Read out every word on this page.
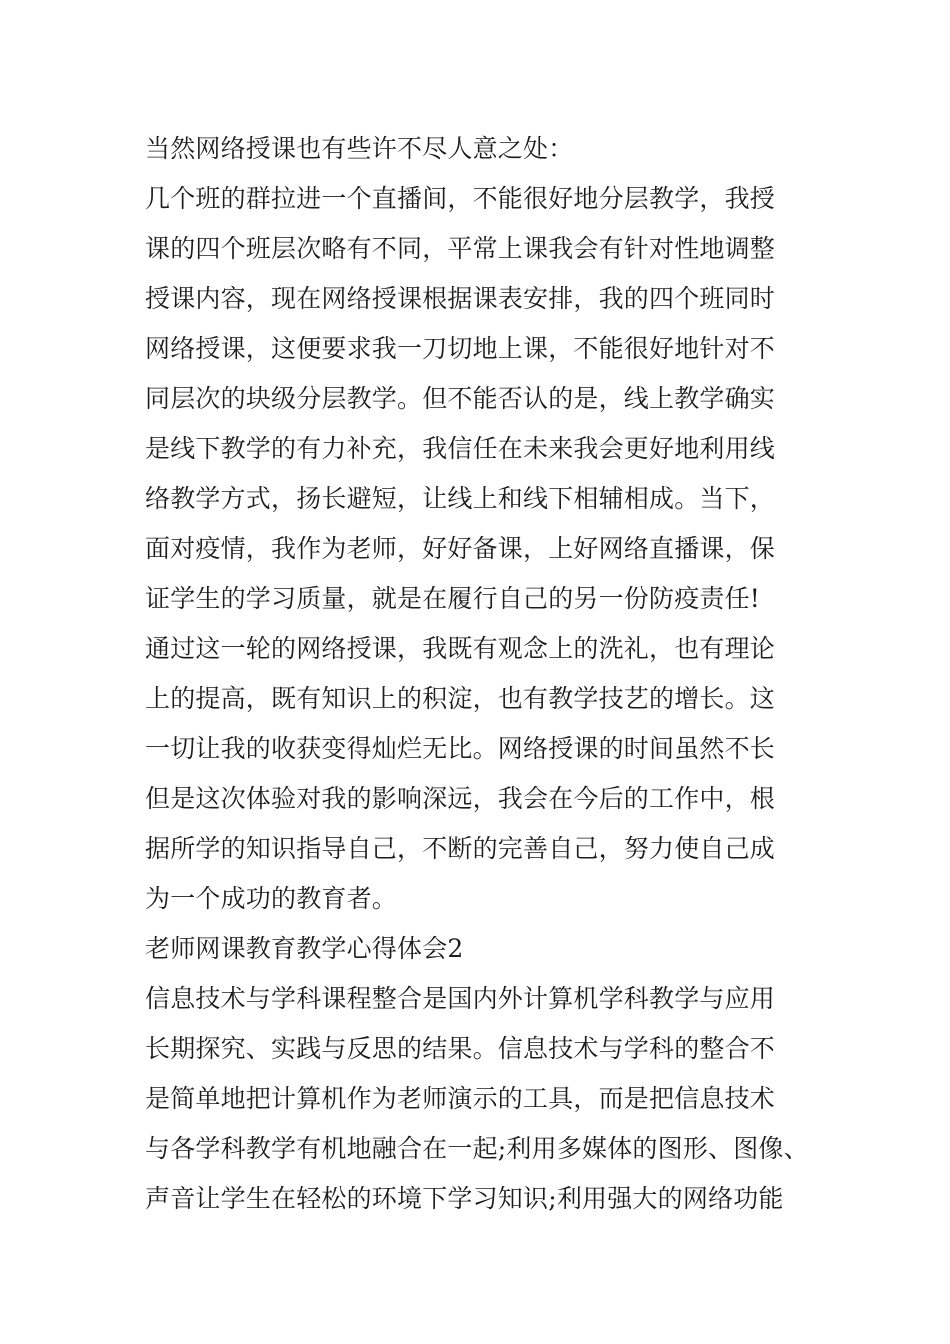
当然网络授课也有些许不尽人意之处：

几个班的群拉进一个直播间，不能很好地分层教学，我授

课的四个班层次略有不同，平常上课我会有针对性地调整

授课内容，现在网络授课根据课表安排，我的四个班同时

网络授课，这便要求我一刀切地上课，不能很好地针对不

同层次的块级分层教学。但不能否认的是，线上教学确实

是线下教学的有力补充，我信任在未来我会更好地利用线

络教学方式，扬长避短，让线上和线下相辅相成。当下，

面对疫情，我作为老师，好好备课，上好网络直播课，保

证学生的学习质量，就是在履行自己的另一份防疫责任!

通过这一轮的网络授课，我既有观念上的洗礼，也有理论

上的提高，既有知识上的积淀，也有教学技艺的增长。这

一切让我的收获变得灿烂无比。网络授课的时间虽然不长

但是这次体验对我的影响深远，我会在今后的工作中，根

据所学的知识指导自己，不断的完善自己，努力使自己成

为一个成功的教育者。

老师网课教育教学心得体会2

信息技术与学科课程整合是国内外计算机学科教学与应用

长期探究、实践与反思的结果。信息技术与学科的整合不

是简单地把计算机作为老师演示的工具，而是把信息技术

与各学科教学有机地融合在一起;利用多媒体的图形、图像、

声音让学生在轻松的环境下学习知识;利用强大的网络功能
